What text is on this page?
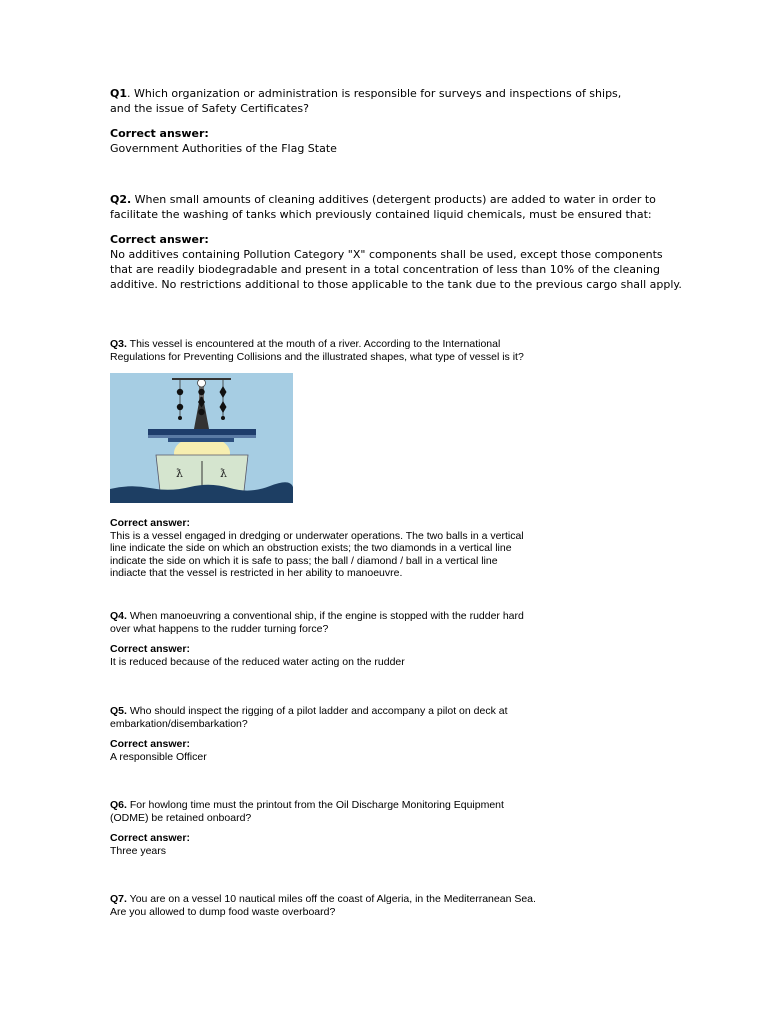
Q1. Which organization or administration is responsible for surveys and inspections of ships,
and the issue of Safety Certificates?
Correct answer:
Government Authorities of the Flag State
Q2. When small amounts of cleaning additives (detergent products) are added to water in order to
facilitate the washing of tanks which previously contained liquid chemicals, must be ensured that:
Correct answer:
No additives containing Pollution Category "X" components shall be used, except those components
that are readily biodegradable and present in a total concentration of less than 10% of the cleaning
additive. No restrictions additional to those applicable to the tank due to the previous cargo shall apply.
Q3. This vessel is encountered at the mouth of a river. According to the International
Regulations for Preventing Collisions and the illustrated shapes, what type of vessel is it?
ƛ	ƛ
Correct answer:
This is a vessel engaged in dredging or underwater operations. The two balls in a vertical
line indicate the side on which an obstruction exists; the two diamonds in a vertical line
indicate the side on which it is safe to pass; the ball / diamond / ball in a vertical line
indiacte that the vessel is restricted in her ability to manoeuvre.
Q4. When manoeuvring a conventional ship, if the engine is stopped with the rudder hard
over what happens to the rudder turning force?
Correct answer:
It is reduced because of the reduced water acting on the rudder
Q5. Who should inspect the rigging of a pilot ladder and accompany a pilot on deck at
embarkation/disembarkation?
Correct answer:
A responsible Officer
Q6. For howlong time must the printout from the Oil Discharge Monitoring Equipment
(ODME) be retained onboard?
Correct answer:
Three years
Q7. You are on a vessel 10 nautical miles off the coast of Algeria, in the Mediterranean Sea.
Are you allowed to dump food waste overboard?
